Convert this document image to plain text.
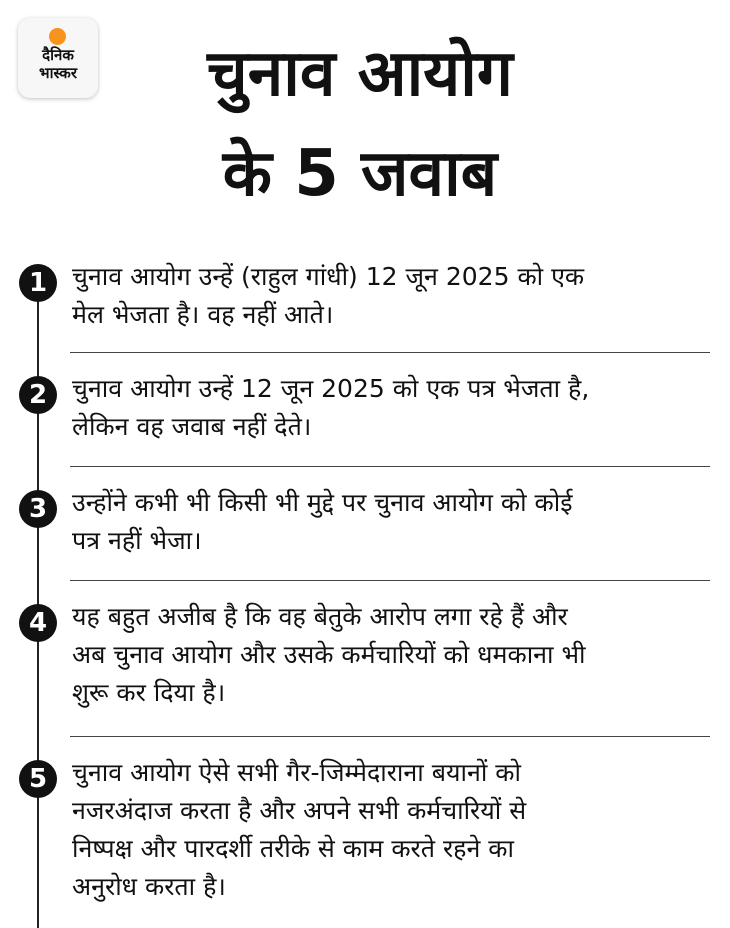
दैनिक
भास्कर	चुनाव आयोग
के 5 जवाब
1 चुनाव आयोग उन्हें (राहुल गांधी) 12 जून 2025 को एक
मेल भेजता है। वह नहीं आते।
2 चुनाव आयोग उन्हें 12 जून 2025 को एक पत्र भेजता है,
लेकिन वह जवाब नहीं देते।
3 उन्होंने कभी भी किसी भी मुद्दे पर चुनाव आयोग को कोई
पत्र नहीं भेजा।
4 यह बहुत अजीब है कि वह बेतुके आरोप लगा रहे हैं और
अब चुनाव आयोग और उसके कर्मचारियों को धमकाना भी
शुरू कर दिया है।
5 चुनाव आयोग ऐसे सभी गैर-जिम्मेदाराना बयानों को
नजरअंदाज करता है और अपने सभी कर्मचारियों से
निष्पक्ष और पारदर्शी तरीके से काम करते रहने का
अनुरोध करता है।
